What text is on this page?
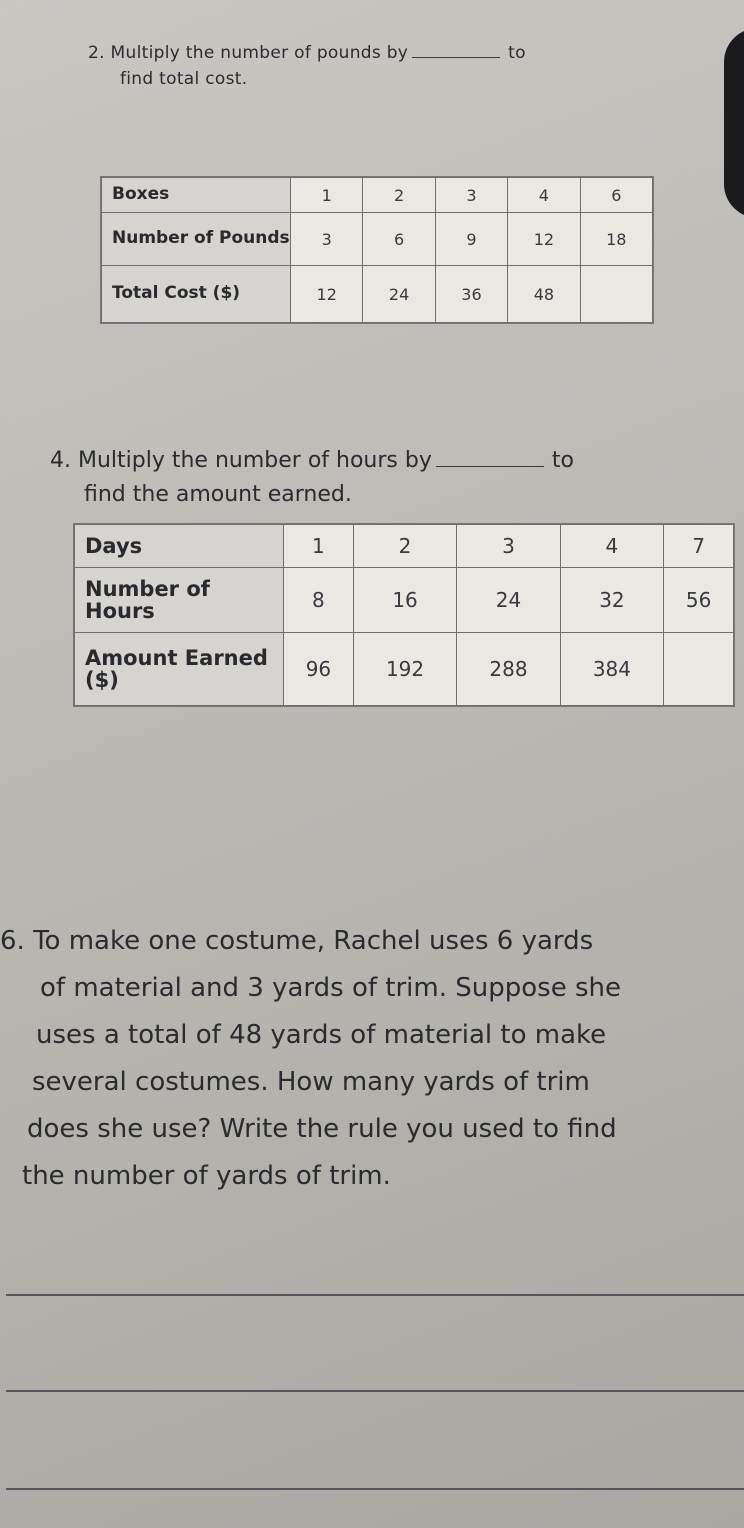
2. Multiply the number of pounds by	to
find total cost.
Boxes	1	2	3	4	6
Number of Pounds	3	6	9	12	18
Total Cost ($)	12	24	36	48	
4. Multiply the number of hours by	to
find the amount earned.
Days	1	2	3	4	7
Number of Hours	8	16	24	32	56
Amount Earned ($)	96	192	288	384	
6. To make one costume, Rachel uses 6 yards
of material and 3 yards of trim. Suppose she
uses a total of 48 yards of material to make
several costumes. How many yards of trim
does she use? Write the rule you used to find
the number of yards of trim.
